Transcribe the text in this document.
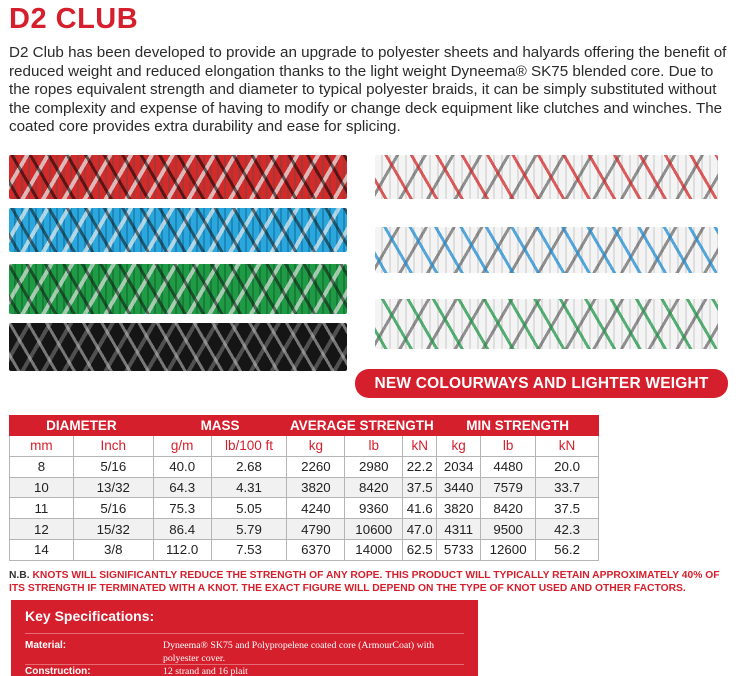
D2 CLUB

D2 Club has been developed to provide an upgrade to polyester sheets and halyards offering the benefit of reduced weight and reduced elongation thanks to the light weight Dyneema® SK75 blended core. Due to the ropes equivalent strength and diameter to typical polyester braids, it can be simply substituted without the complexity and expense of having to modify or change deck equipment like clutches and winches. The coated core provides extra durability and ease for splicing.

NEW COLOURWAYS AND LIGHTER WEIGHT
DIAMETER		MASS		AVERAGE STRENGTH			MIN STRENGTH		
mm	Inch	g/m	lb/100 ft	kg	lb	kN	kg	lb	kN
8	5/16	40.0	2.68	2260	2980	22.2	2034	4480	20.0
10	13/32	64.3	4.31	3820	8420	37.5	3440	7579	33.7
11	5/16	75.3	5.05	4240	9360	41.6	3820	8420	37.5
12	15/32	86.4	5.79	4790	10600	47.0	4311	9500	42.3
14	3/8	112.0	7.53	6370	14000	62.5	5733	12600	56.2
N.B. KNOTS WILL SIGNIFICANTLY REDUCE THE STRENGTH OF ANY ROPE. THIS PRODUCT WILL TYPICALLY RETAIN APPROXIMATELY 40% OF ITS STRENGTH IF TERMINATED WITH A KNOT. THE EXACT FIGURE WILL DEPEND ON THE TYPE OF KNOT USED AND OTHER FACTORS.
Key Specifications:
Material:	Dyneema® SK75 and Polypropelene coated core (ArmourCoat) with polyester cover.
Construction:	12 strand and 16 plait
